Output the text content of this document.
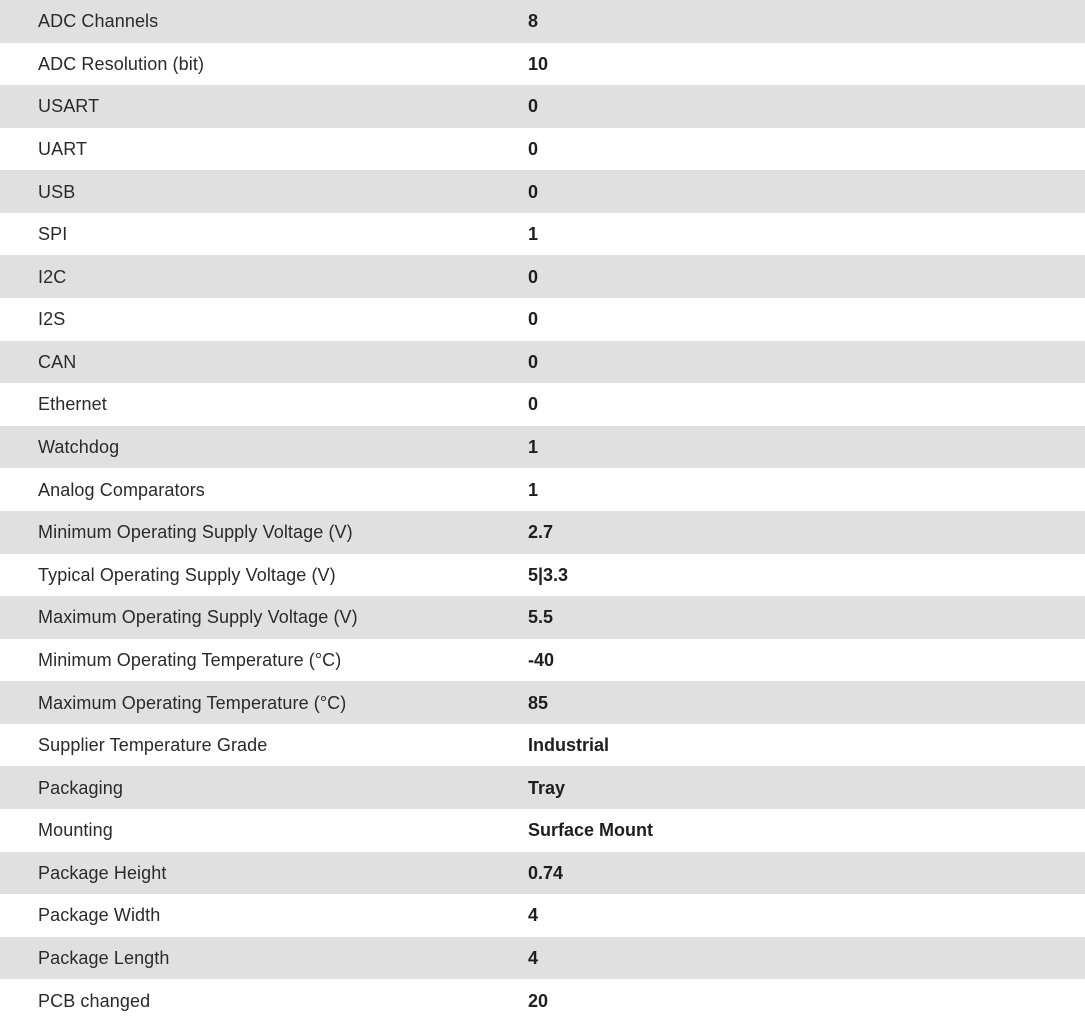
ADC Channels	8
ADC Resolution (bit)	10
USART	0
UART	0
USB	0
SPI	1
I2C	0
I2S	0
CAN	0
Ethernet	0
Watchdog	1
Analog Comparators	1
Minimum Operating Supply Voltage (V)	2.7
Typical Operating Supply Voltage (V)	5|3.3
Maximum Operating Supply Voltage (V)	5.5
Minimum Operating Temperature (°C)	-40
Maximum Operating Temperature (°C)	85
Supplier Temperature Grade	Industrial
Packaging	Tray
Mounting	Surface Mount
Package Height	0.74
Package Width	4
Package Length	4
PCB changed	20
